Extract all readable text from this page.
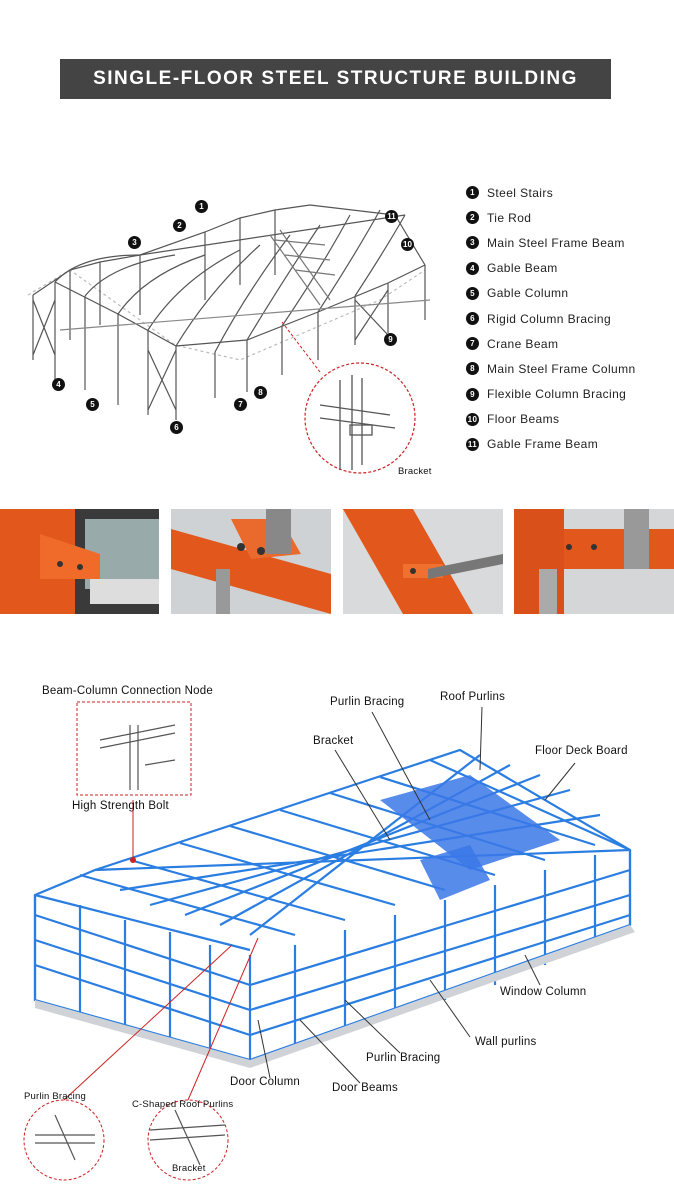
SINGLE-FLOOR STEEL STRUCTURE BUILDING
1
2
3
4
5
6
7
8
9
10
11
Bracket
1	Steel Stairs
2	Tie Rod
3	Main Steel Frame Beam
4	Gable Beam
5	Gable Column
6	Rigid Column Bracing
7	Crane Beam
8	Main Steel Frame Column
9	Flexible Column Bracing
10 Floor Beams
11 Gable Frame Beam
Beam-Column Connection Node
High Strength Bolt
Purlin Bracing	Roof Purlins
Bracket
Floor Deck Board
Window Column
Wall purlins
Purlin Bracing
Door Column	Door Beams
Purlin Bracing
C-Shaped Roof Purlins
Bracket
